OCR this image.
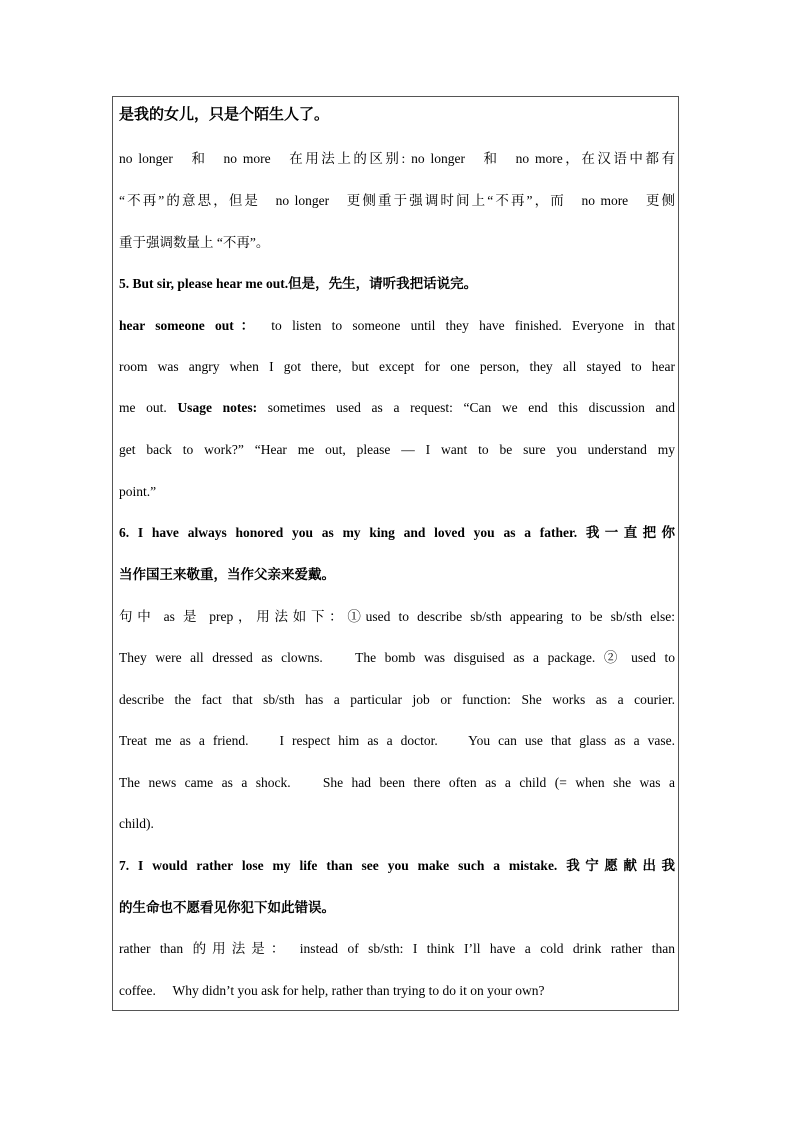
是我的女儿，只是个陌生人了。
no longer　和　no more　在用法上的区别: no longer　和　no more，在汉语中都有
“不再”的意思，但是　no longer　更侧重于强调时间上“不再”，而　no more　更侧
重于强调数量上 “不再”。
5. But sir, please hear me out.但是，先生，请听我把话说完。
hear someone out： to listen to someone until they have finished. Everyone in that
room was angry when I got there, but except for one person, they all stayed to hear
me out. Usage notes: sometimes used as a request: “Can we end this discussion and
get back to work?” “Hear me out, please — I want to be sure you understand my
point.”
6. I have always honored you as my king and loved you as a father. 我一直把你
当作国王来敬重，当作父亲来爱戴。
句中 as 是 prep，用法如下：①used to describe sb/sth appearing to be sb/sth else:
They were all dressed as clowns.　 The bomb was disguised as a package. ② used to
describe the fact that sb/sth has a particular job or function: She works as a courier.
Treat me as a friend.　 I respect him as a doctor.　 You can use that glass as a vase.
The news came as a shock.　 She had been there often as a child (= when she was a
child).
7. I would rather lose my life than see you make such a mistake. 我宁愿献出我
的生命也不愿看见你犯下如此错误。
rather than 的用法是： instead of sb/sth: I think I’ll have a cold drink rather than
coffee.　 Why didn’t you ask for help, rather than trying to do it on your own?
